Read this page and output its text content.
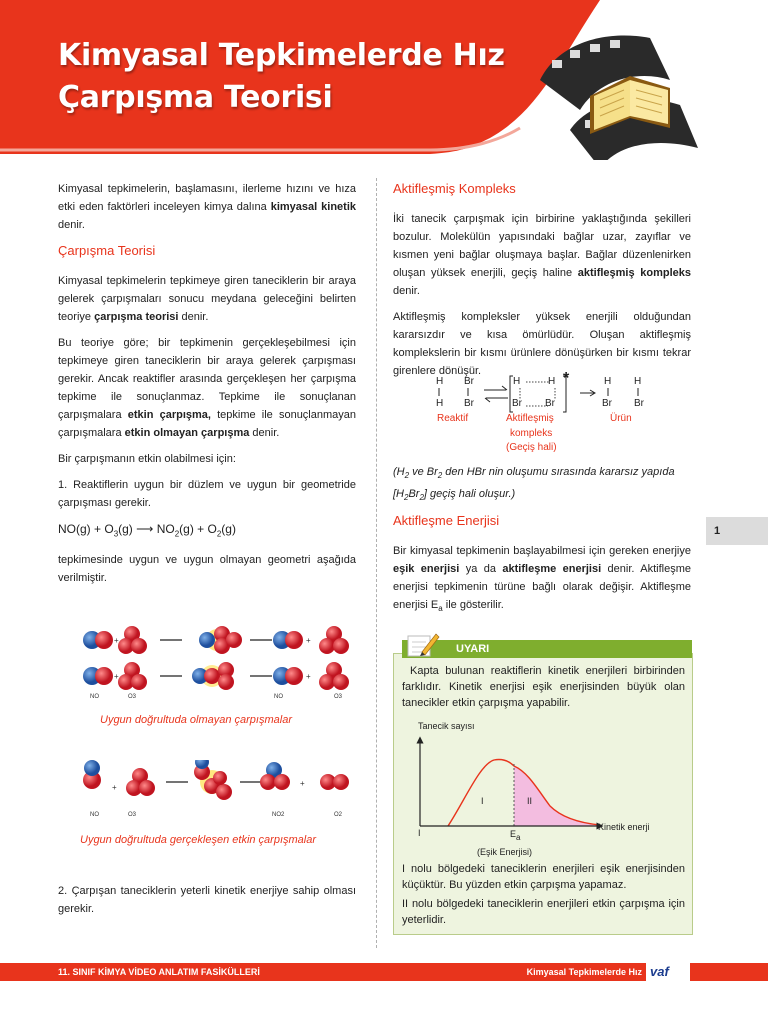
Kimyasal Tepkimelerde Hız
Çarpışma Teorisi

Kimyasal tepkimelerin, başlamasını, ilerleme hızını ve hıza etki eden faktörleri inceleyen kimya dalına kimyasal kinetik denir.

Çarpışma Teorisi

Kimyasal tepkimelerin tepkimeye giren taneciklerin bir araya gelerek çarpışmaları sonucu meydana geleceğini belirten teoriye çarpışma teorisi denir.

Bu teoriye göre; bir tepkimenin gerçekleşebilmesi için tepkimeye giren taneciklerin bir araya gelerek çarpışması gerekir. Ancak reaktifler arasında gerçekleşen her çarpışma tepkime ile sonuçlanmaz. Tepkime ile sonuçlanan çarpışmalara etkin çarpışma, tepkime ile sonuçlanmayan çarpışmalara etkin olmayan çarpışma denir.

Bir çarpışmanın etkin olabilmesi için:

1. Reaktiflerin uygun bir düzlem ve uygun bir geometride çarpışması gerekir.

$NO(g) + O_3(g)$ ⟶ $NO_2(g) + O_2(g)$

tepkimesinde uygun ve uygun olmayan geometri aşağıda verilmiştir.

+	+
+	+
NO	O3	NO	O3
Uygun doğrultuda olmayan çarpışmalar
+	+
NO	O3	NO2	O2
Uygun doğrultuda gerçekleşen etkin çarpışmalar

2. Çarpışan taneciklerin yeterli kinetik enerjiye sahip olması gerekir.

Aktifleşmiş Kompleks

İki tanecik çarpışmak için birbirine yaklaştığında şekilleri bozulur. Molekülün yapısındaki bağlar uzar, zayıflar ve kısmen yeni bağlar oluşmaya başlar. Bağlar düzenlenirken oluşan yüksek enerjili, geçiş haline aktifleşmiş kompleks denir.

Aktifleşmiş kompleksler yüksek enerjili olduğundan kararsızdır ve kısa ömürlüdür. Oluşan aktifleşmiş komplekslerin bir kısmı ürünlere dönüşürken bir kısmı tekrar girenlere dönüşür.

H Br
H Br ⇌
H	H
Br Br
*	H H
Br Br
Reaktif	Aktifleşmiş
kompleks
(Geçiş hali)
Ürün

($H_2$ ve $Br_2$ den HBr nin oluşumu sırasında kararsız yapıda $[H_2Br_2]$ geçiş hali oluşur.)

Aktifleşme Enerjisi

Bir kimyasal tepkimenin başlayabilmesi için gereken enerjiye eşik enerjisi ya da aktifleşme enerjisi denir. Aktifleşme enerjisi tepkimenin türüne bağlı olarak değişir. Aktifleşme enerjisi $E_a$ ile gösterilir.

1
UYARI

Kapta bulunan reaktiflerin kinetik enerjileri birbirinden farklıdır. Kinetik enerjisi eşik enerjisinden büyük olan tanecikler etkin çarpışma yapabilir.

Tanecik sayısı
Kinetik enerji
I	II
I	$E_a$
(Eşik Enerjisi)

I nolu bölgedeki taneciklerin enerjileri eşik enerjisinden küçüktür. Bu yüzden etkin çarpışma yapamaz.

II nolu bölgedeki taneciklerin enerjileri etkin çarpışma için yeterlidir.

11. SINIF KİMYA VİDEO ANLATIM FASİKÜLLERİ	Kimyasal Tepkimelerde Hız vaf
